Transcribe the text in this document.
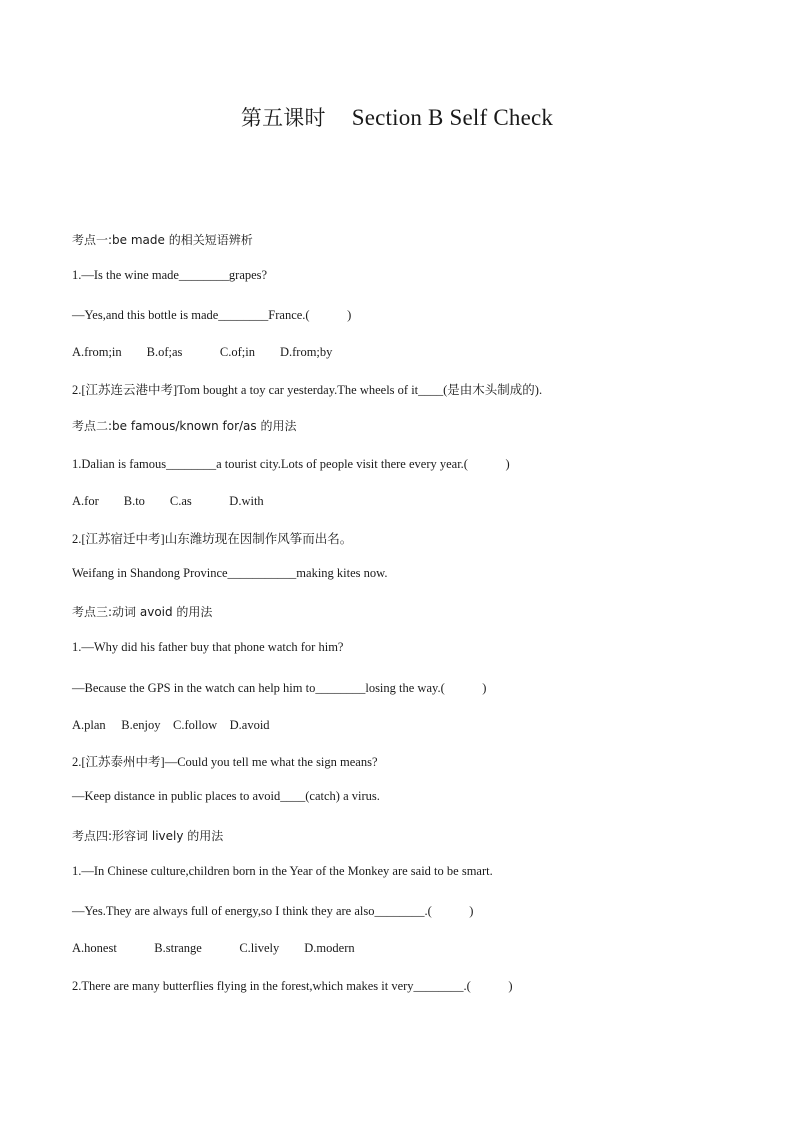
第五课时 Section B Self Check
考点一:be made 的相关短语辨析
1.—Is the wine made________grapes?
—Yes,and this bottle is made________France.(　　　)
A.from;in　　B.of;as　　　C.of;in　　D.from;by
2.[江苏连云港中考]Tom bought a toy car yesterday.The wheels of it____(是由木头制成的).
考点二:be famous/known for/as 的用法
1.Dalian is famous________a tourist city.Lots of people visit there every year.(　　　)
A.for　　B.to　　C.as　　　D.with
2.[江苏宿迁中考]山东潍坊现在因制作风筝而出名。
Weifang in Shandong Province___________making kites now.
考点三:动词 avoid 的用法
1.—Why did his father buy that phone watch for him?
—Because the GPS in the watch can help him to________losing the way.(　　　)
A.plan　 B.enjoy　C.follow　D.avoid
2.[江苏泰州中考]—Could you tell me what the sign means?
—Keep distance in public places to avoid____(catch) a virus.
考点四:形容词 lively 的用法
1.—In Chinese culture,children born in the Year of the Monkey are said to be smart.
—Yes.They are always full of energy,so I think they are also________.(　　　)
A.honest　　　B.strange　　　C.lively　　D.modern
2.There are many butterflies flying in the forest,which makes it very________.(　　　)
